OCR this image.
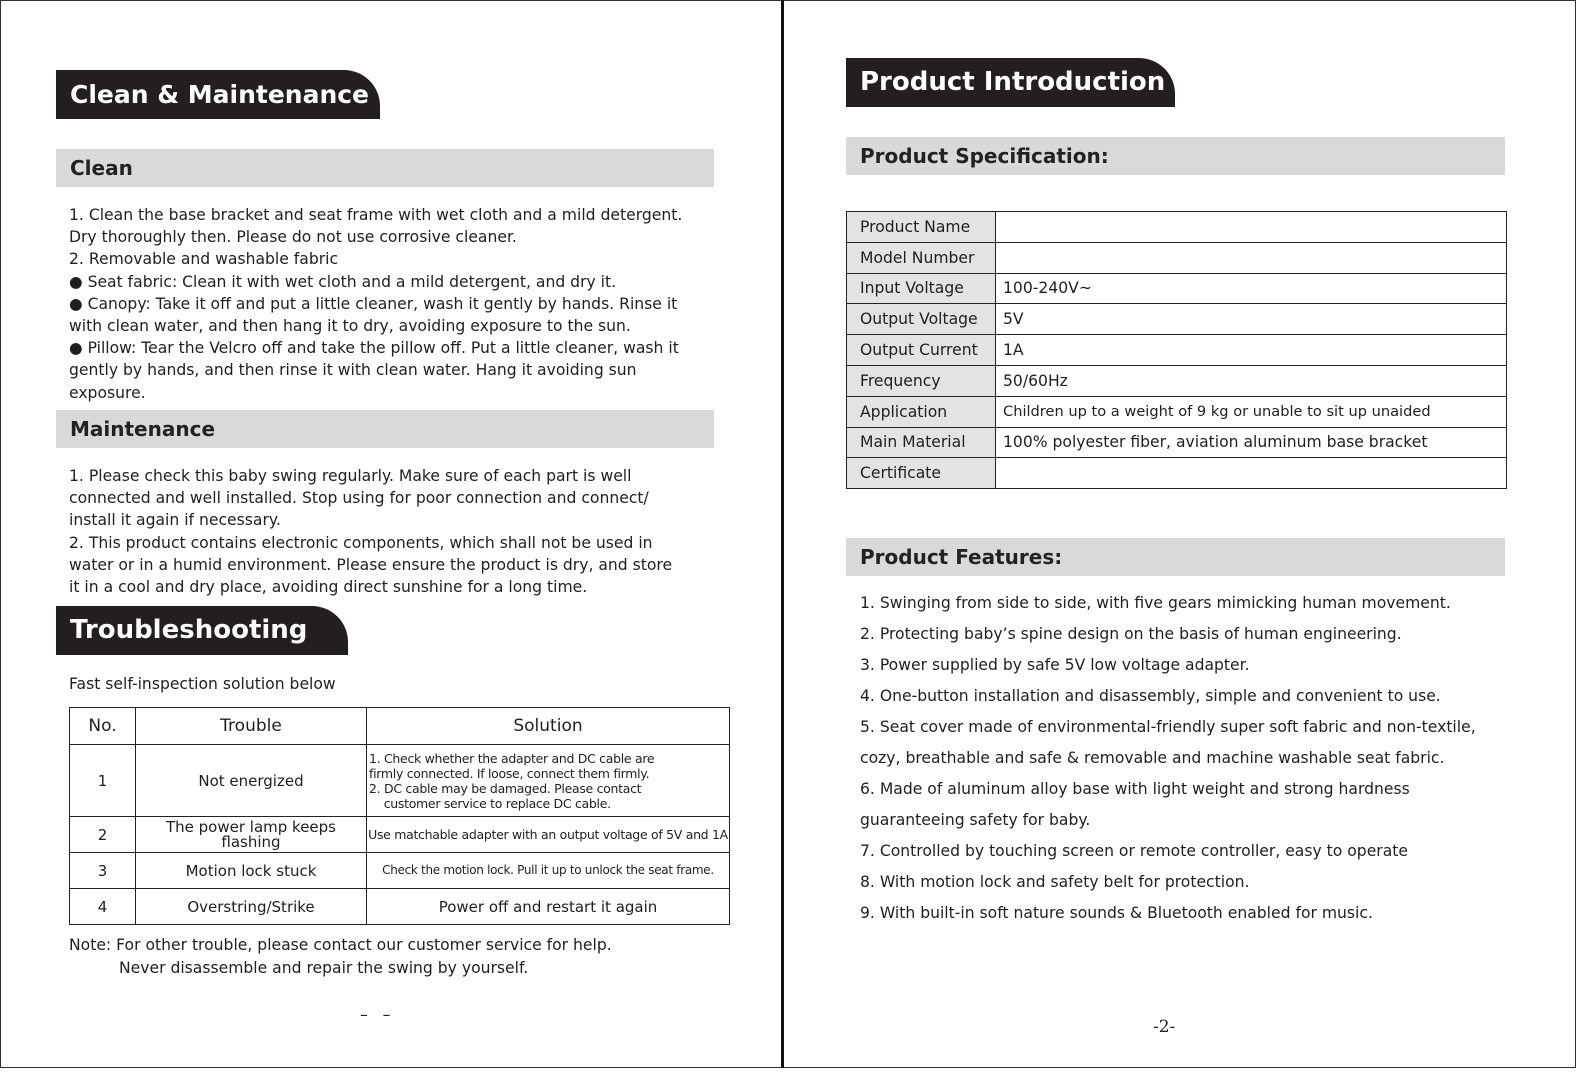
Clean & Maintenance
Clean
1. Clean the base bracket and seat frame with wet cloth and a mild detergent.
Dry thoroughly then. Please do not use corrosive cleaner.
2. Removable and washable fabric
● Seat fabric: Clean it with wet cloth and a mild detergent, and dry it.
● Canopy: Take it off and put a little cleaner, wash it gently by hands. Rinse it
with clean water, and then hang it to dry, avoiding exposure to the sun.
● Pillow: Tear the Velcro off and take the pillow off. Put a little cleaner, wash it
gently by hands, and then rinse it with clean water. Hang it avoiding sun
exposure.
Maintenance
1. Please check this baby swing regularly. Make sure of each part is well
connected and well installed. Stop using for poor connection and connect/
install it again if necessary.
2. This product contains electronic components, which shall not be used in
water or in a humid environment. Please ensure the product is dry, and store
it in a cool and dry place, avoiding direct sunshine for a long time.
Troubleshooting
Fast self-inspection solution below
No.	Trouble	Solution
1	Not energized	1. Check whether the adapter and DC cable are
firmly connected. If loose, connect them firmly.
2. DC cable may be damaged. Please contact
customer service to replace DC cable.

2	The power lamp keeps
flashing	Use matchable adapter with an output voltage of 5V and 1A
3	Motion lock stuck	Check the motion lock. Pull it up to unlock the seat frame.
4	Overstring/Strike	Power off and restart it again
Note: For other trouble, please contact our customer service for help.
Never disassemble and repair the swing by yourself.
–   –
Product Introduction
Product Specification:
Product Name	
Model Number	
Input Voltage	100-240V~
Output Voltage	5V
Output Current	1A
Frequency	50/60Hz
Application	Children up to a weight of 9 kg or unable to sit up unaided
Main Material	100% polyester fiber, aviation aluminum base bracket
Certificate	
Product Features:
1. Swinging from side to side, with five gears mimicking human movement.
2. Protecting baby’s spine design on the basis of human engineering.
3. Power supplied by safe 5V low voltage adapter.
4. One-button installation and disassembly, simple and convenient to use.
5. Seat cover made of environmental-friendly super soft fabric and non-textile,
cozy, breathable and safe & removable and machine washable seat fabric.
6. Made of aluminum alloy base with light weight and strong hardness
guaranteeing safety for baby.
7. Controlled by touching screen or remote controller, easy to operate
8. With motion lock and safety belt for protection.
9. With built-in soft nature sounds & Bluetooth enabled for music.
-2-
